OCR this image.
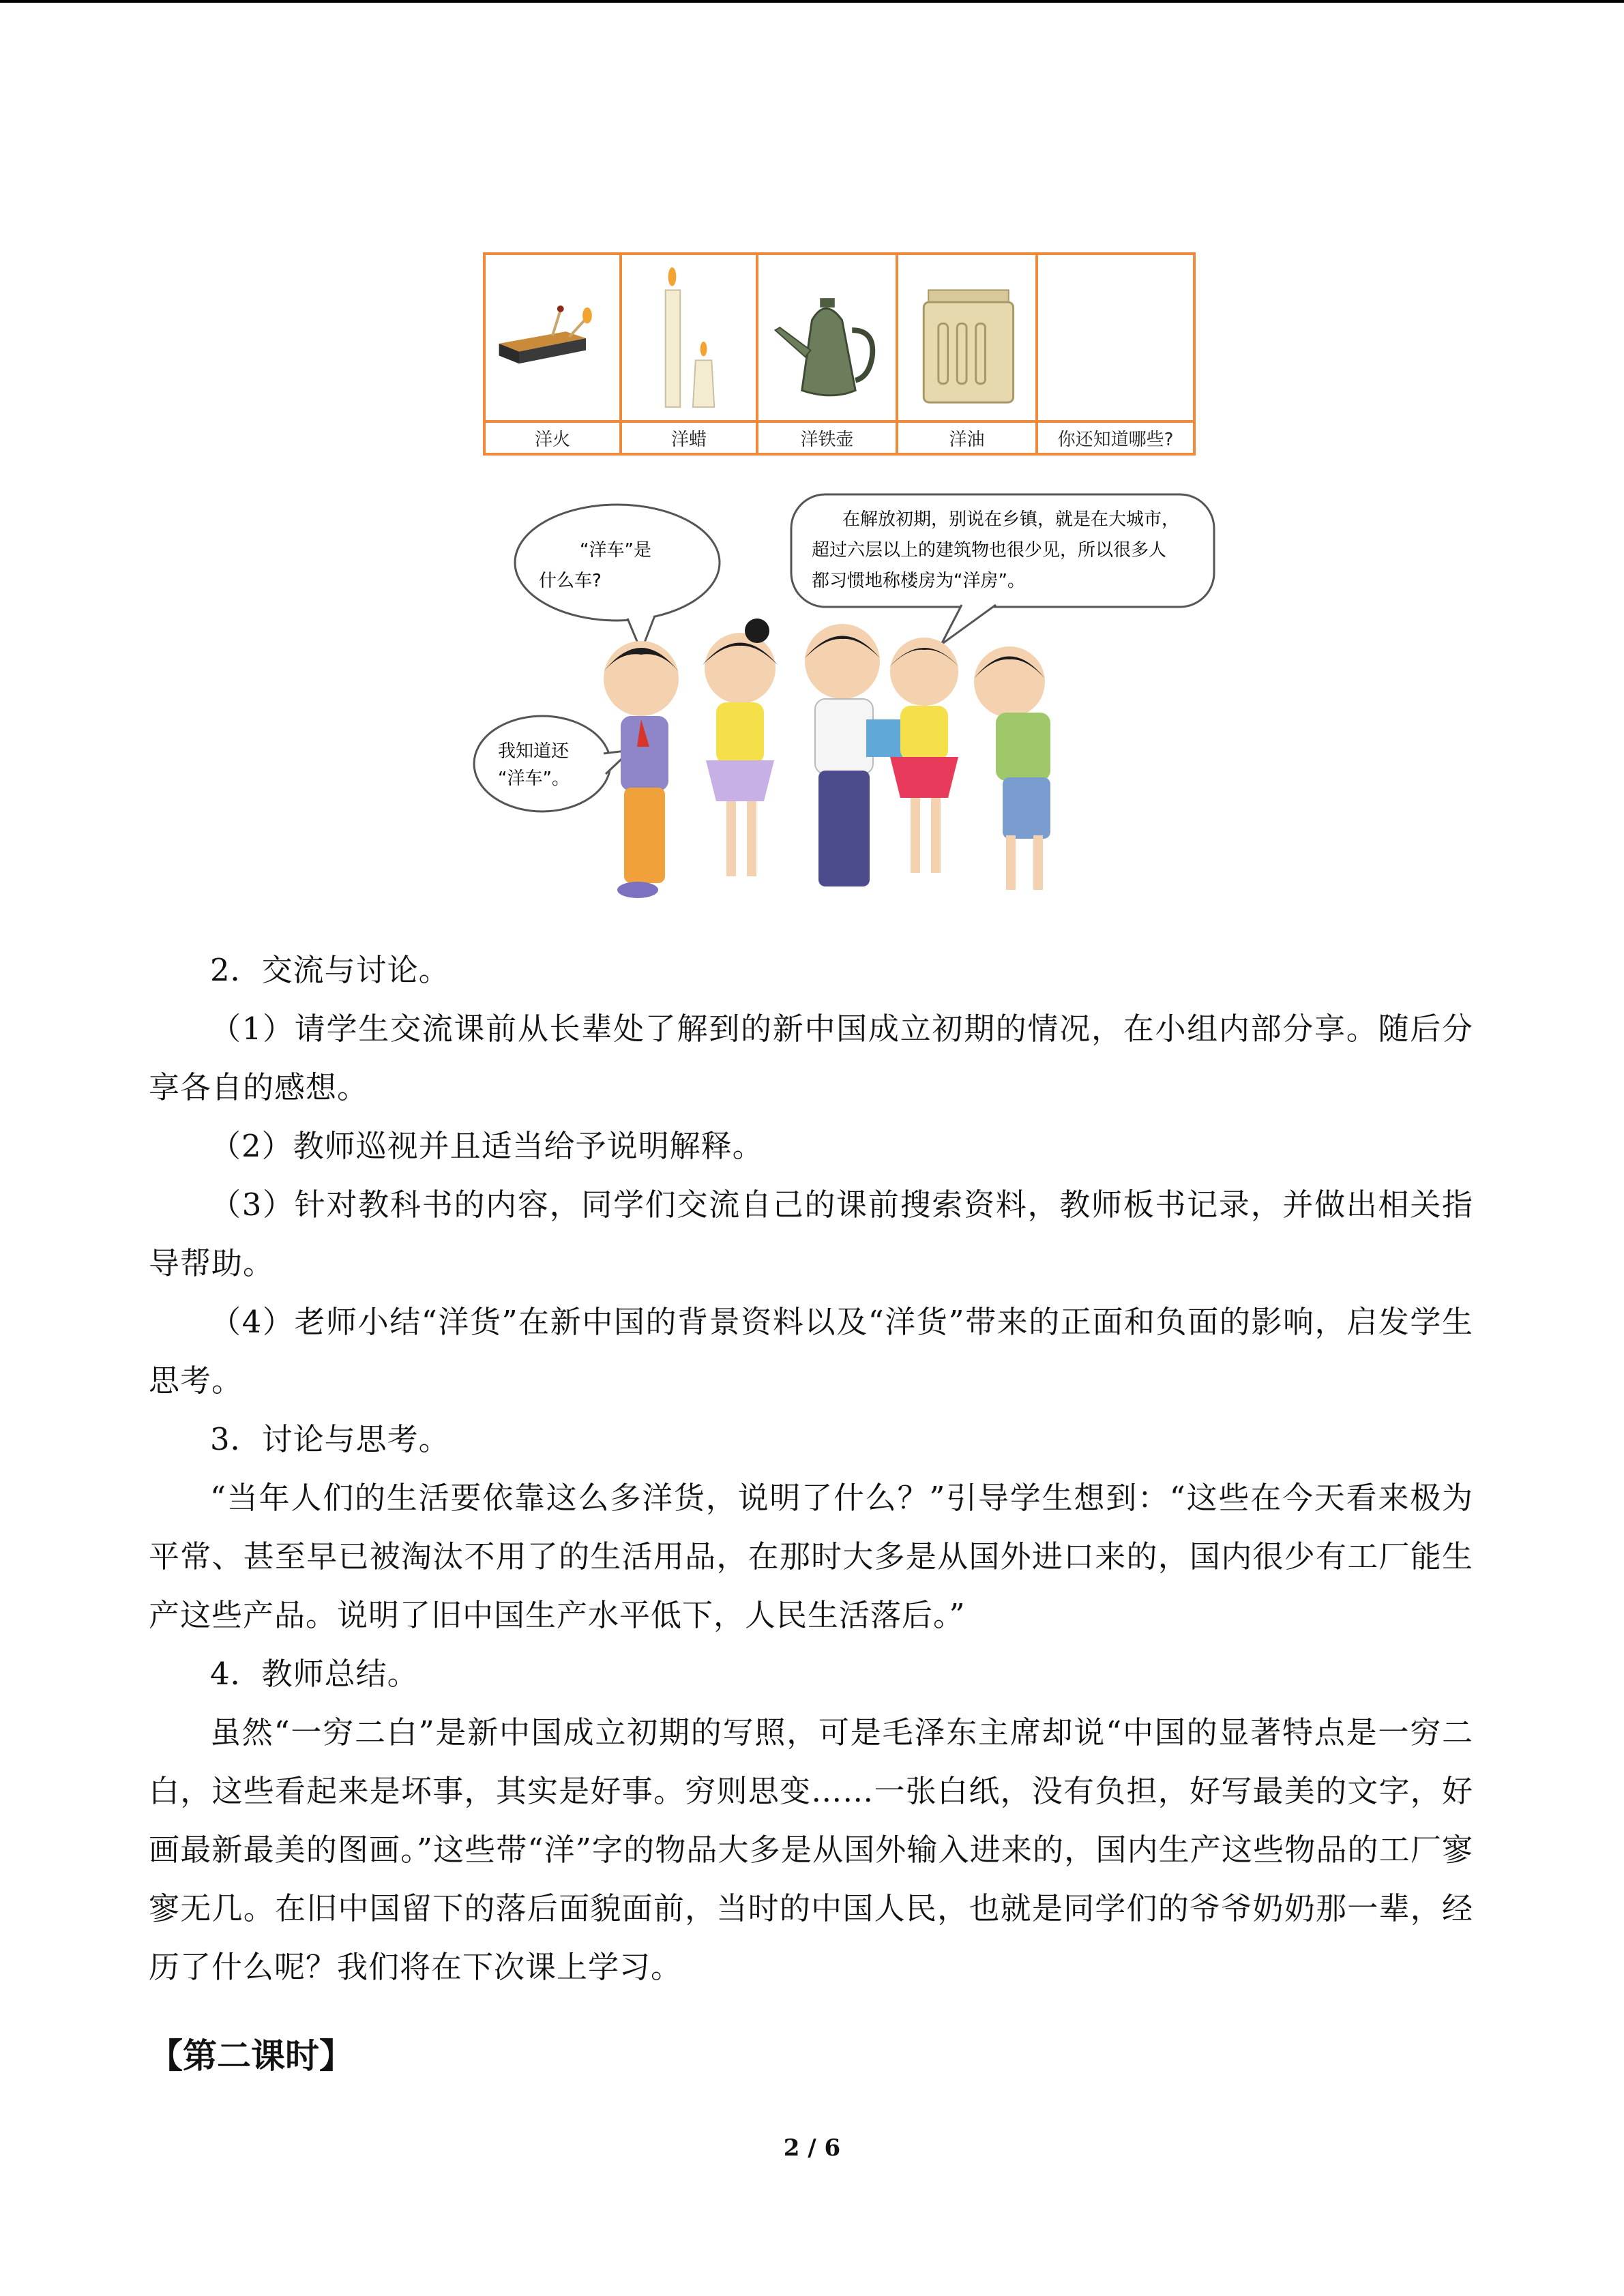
洋火	洋蜡	洋铁壶	洋油	你还知道哪些?
“洋车”是
什么车?
在解放初期，别说在乡镇，就是在大城市，
超过六层以上的建筑物也很少见，所以很多人
都习惯地称楼房为“洋房”。
我知道还
“洋车”。
2．交流与讨论。
（1）请学生交流课前从长辈处了解到的新中国成立初期的情况，在小组内部分享。随后分享各自的感想。
（2）教师巡视并且适当给予说明解释。
（3）针对教科书的内容，同学们交流自己的课前搜索资料，教师板书记录，并做出相关指导帮助。
（4）老师小结“洋货”在新中国的背景资料以及“洋货”带来的正面和负面的影响，启发学生思考。
3．讨论与思考。
“当年人们的生活要依靠这么多洋货，说明了什么？”引导学生想到：“这些在今天看来极为平常、甚至早已被淘汰不用了的生活用品，在那时大多是从国外进口来的，国内很少有工厂能生产这些产品。说明了旧中国生产水平低下，人民生活落后。”
4．教师总结。
虽然“一穷二白”是新中国成立初期的写照，可是毛泽东主席却说“中国的显著特点是一穷二白，这些看起来是坏事，其实是好事。穷则思变……一张白纸，没有负担，好写最美的文字，好画最新最美的图画。”这些带“洋”字的物品大多是从国外输入进来的，国内生产这些物品的工厂寥寥无几。在旧中国留下的落后面貌面前，当时的中国人民，也就是同学们的爷爷奶奶那一辈，经历了什么呢？我们将在下次课上学习。
【第二课时】
2 / 6
